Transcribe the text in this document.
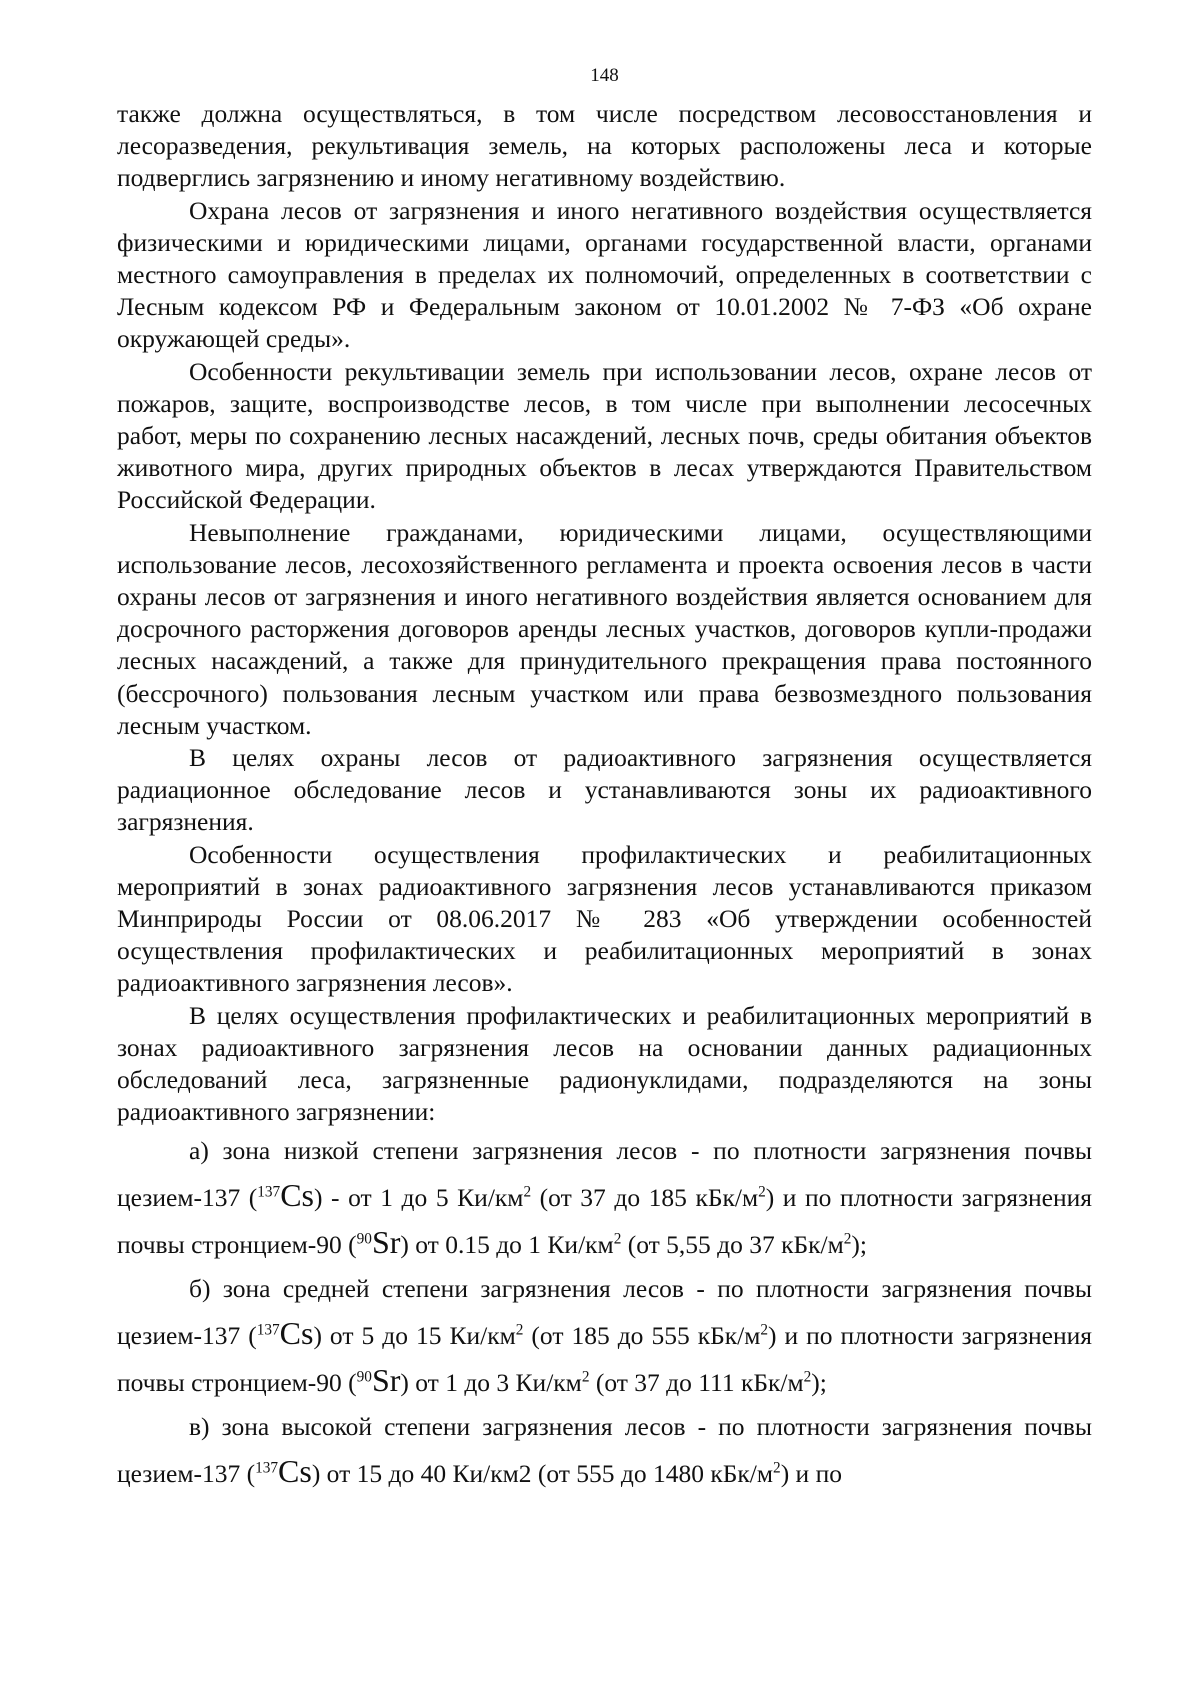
148

также должна осуществляться, в том числе посредством лесовосстановления и лесоразведения, рекультивация земель, на которых расположены леса и которые подверглись загрязнению и иному негативному воздействию.

Охрана лесов от загрязнения и иного негативного воздействия осуществляется физическими и юридическими лицами, органами государственной власти, органами местного самоуправления в пределах их полномочий, определенных в соответствии с Лесным кодексом РФ и Федеральным законом от 10.01.2002 № 7-ФЗ «Об охране окружающей среды».

Особенности рекультивации земель при использовании лесов, охране лесов от пожаров, защите, воспроизводстве лесов, в том числе при выполнении лесосечных работ, меры по сохранению лесных насаждений, лесных почв, среды обитания объектов животного мира, других природных объектов в лесах утверждаются Правительством Российской Федерации.

Невыполнение гражданами, юридическими лицами, осуществляющими использование лесов, лесохозяйственного регламента и проекта освоения лесов в части охраны лесов от загрязнения и иного негативного воздействия является основанием для досрочного расторжения договоров аренды лесных участков, договоров купли-продажи лесных насаждений, а также для принудительного прекращения права постоянного (бессрочного) пользования лесным участком или права безвозмездного пользования лесным участком.

В целях охраны лесов от радиоактивного загрязнения осуществляется радиационное обследование лесов и устанавливаются зоны их радиоактивного загрязнения.

Особенности осуществления профилактических и реабилитационных мероприятий в зонах радиоактивного загрязнения лесов устанавливаются приказом Минприроды России от 08.06.2017 № 283 «Об утверждении особенностей осуществления профилактических и реабилитационных мероприятий в зонах радиоактивного загрязнения лесов».

В целях осуществления профилактических и реабилитационных мероприятий в зонах радиоактивного загрязнения лесов на основании данных радиационных обследований леса, загрязненные радионуклидами, подразделяются на зоны радиоактивного загрязнении:

а) зона низкой степени загрязнения лесов - по плотности загрязнения почвы цезием-137 ($^{137}$Cs) - от 1 до 5 $Ки/км^2$ (от 37 до 185 кБк/$м^2$) и по плотности загрязнения почвы стронцием-90 ($^{90}$Sr) от 0.15 до 1 $Ки/км^2$ (от 5,55 до 37 кБк/$м^2$);

б) зона средней степени загрязнения лесов - по плотности загрязнения почвы цезием-137 ($^{137}$Cs) от 5 до 15 $Ки/км^2$ (от 185 до 555 кБк/$м^2$) и по плотности загрязнения почвы стронцием-90 ($^{90}$Sr) от 1 до 3 $Ки/км^2$ (от 37 до 111 кБк/$м^2$);

в) зона высокой степени загрязнения лесов - по плотности загрязнения почвы цезием-137 ($^{137}$Cs) от 15 до 40 Ки/км2 (от 555 до 1480 кБк/$м^2$) и по
